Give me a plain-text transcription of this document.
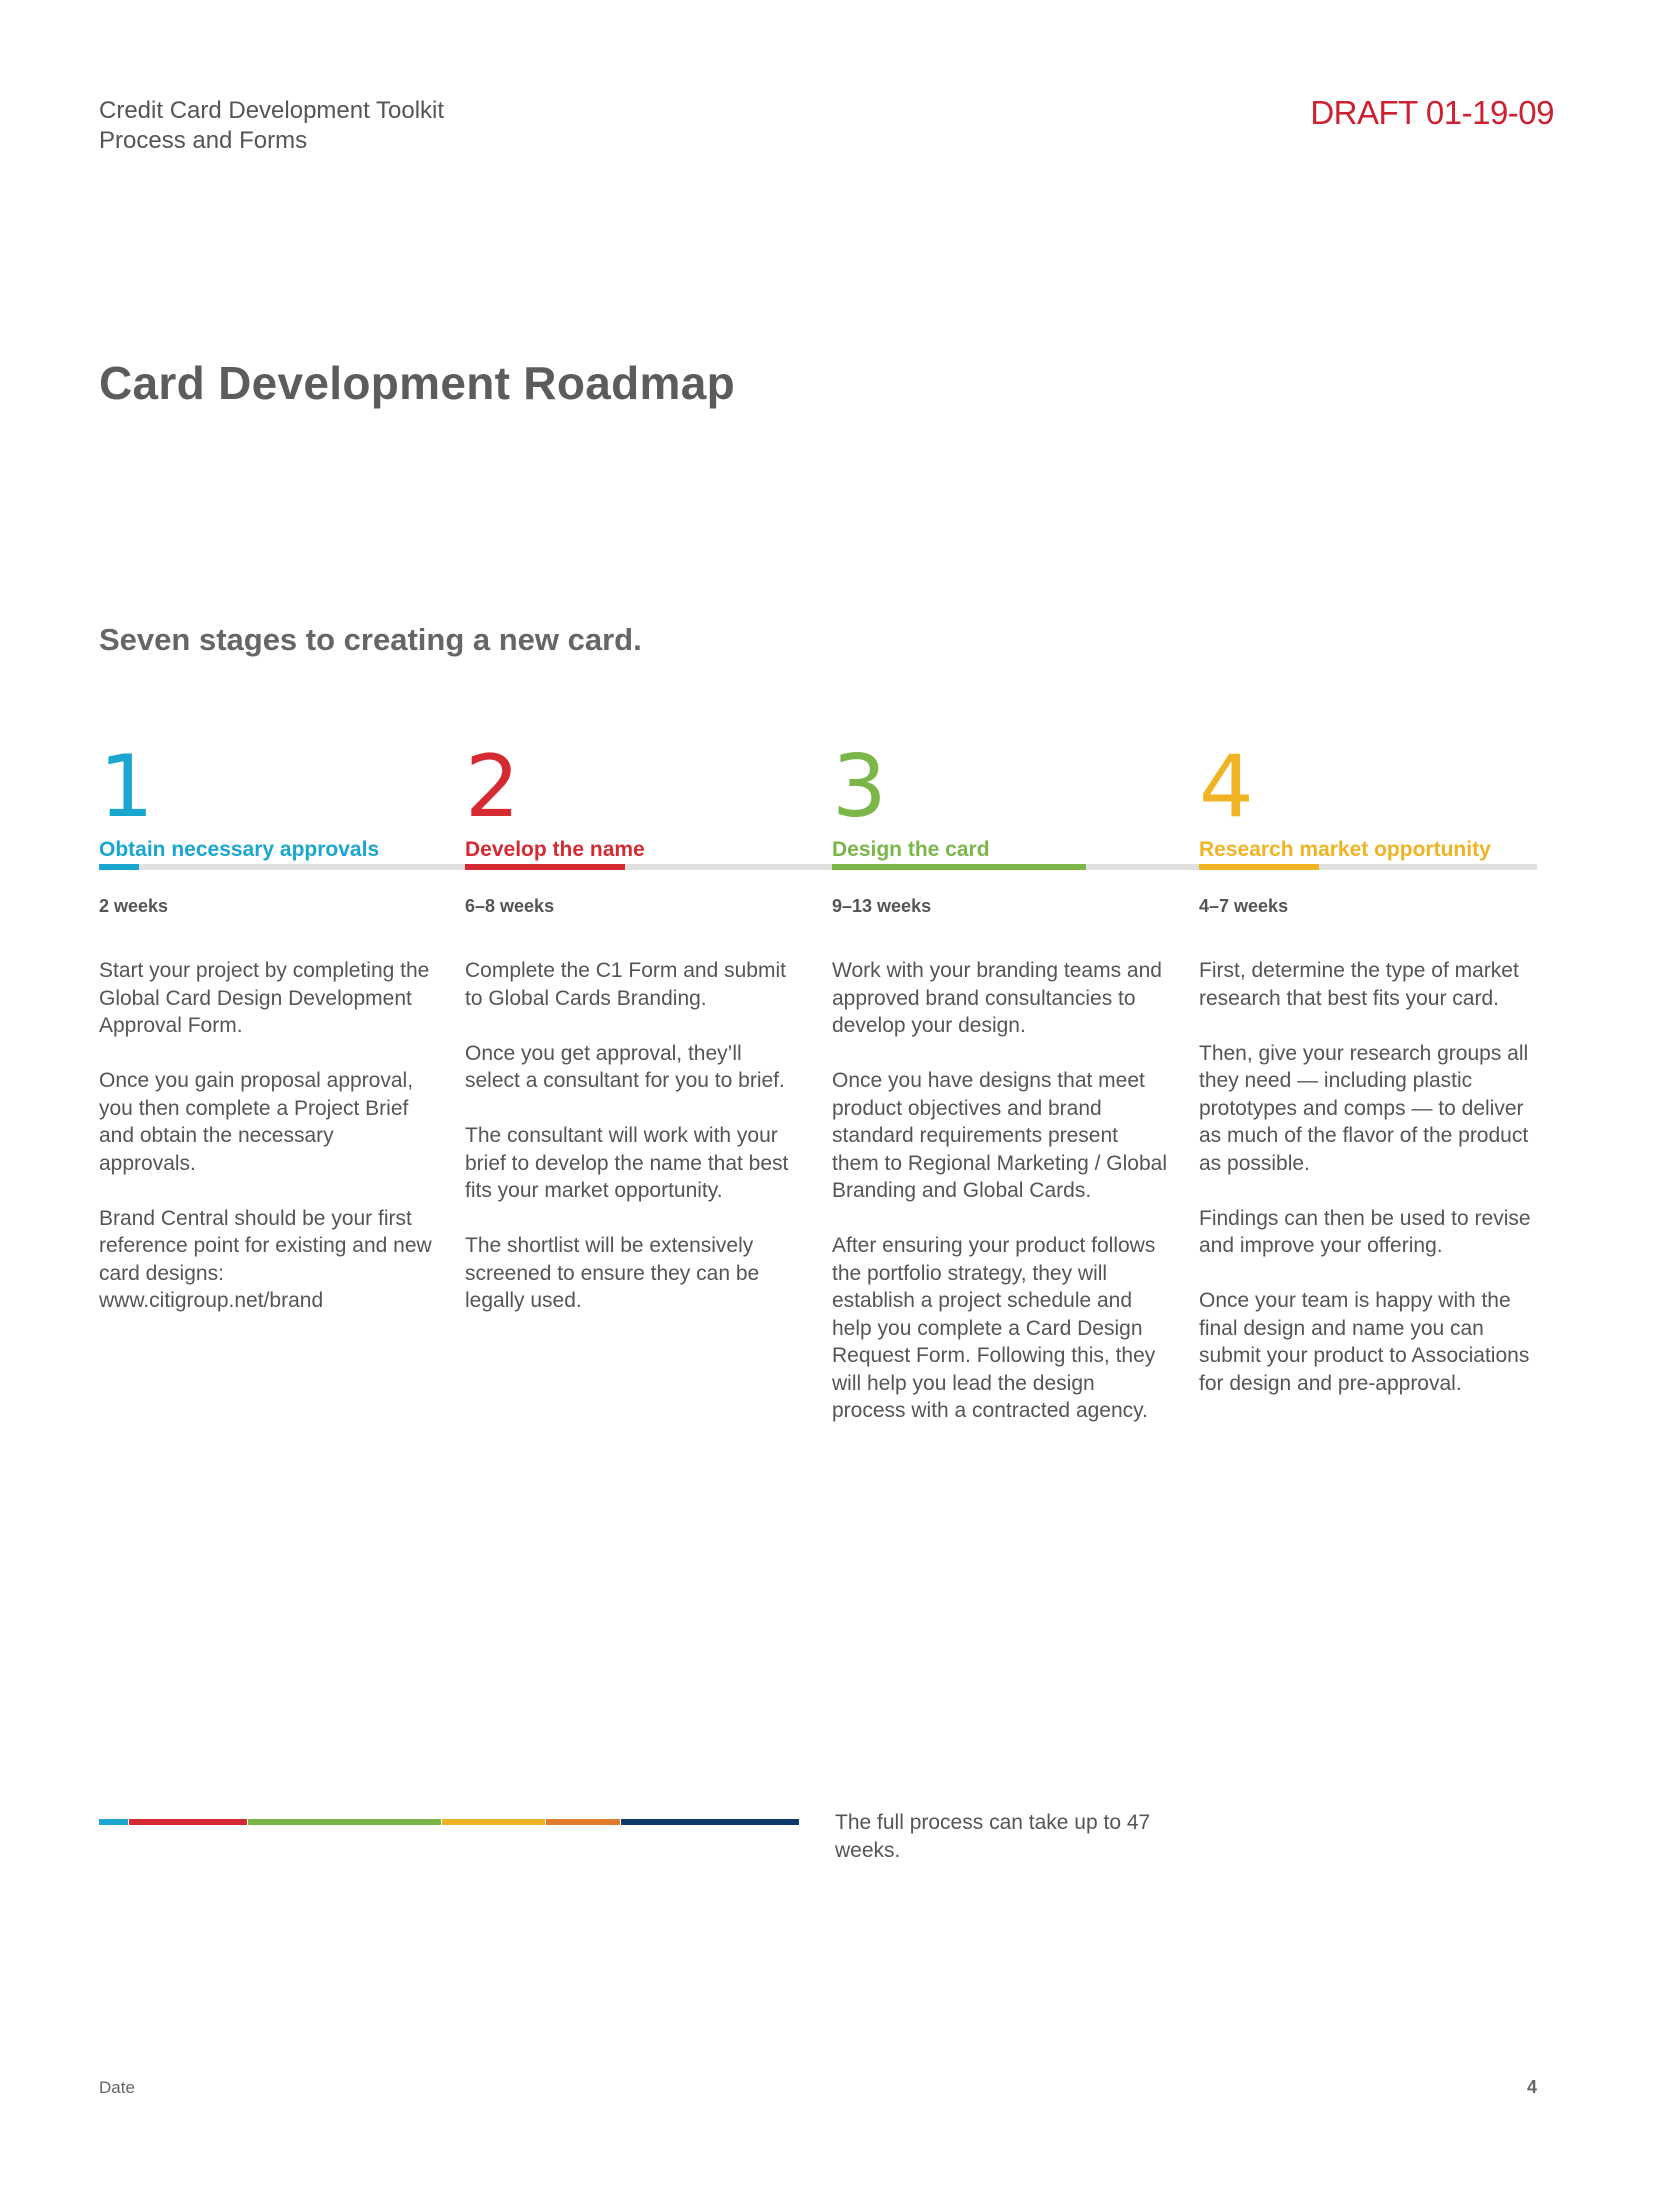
Credit Card Development Toolkit
Process and Forms
DRAFT 01-19-09
Card Development Roadmap
Seven stages to creating a new card.
1
Obtain necessary approvals
2 weeks

Start your project by completing the Global Card Design Development Approval Form.

Once you gain proposal approval, you then complete a Project Brief and obtain the necessary approvals.

Brand Central should be your first reference point for existing and new card designs: www.citigroup.net/brand

2
Develop the name
6–8 weeks

Complete the C1 Form and submit to Global Cards Branding.

Once you get approval, they’ll select a consultant for you to brief.

The consultant will work with your brief to develop the name that best fits your market opportunity.

The shortlist will be extensively screened to ensure they can be legally used.

3
Design the card
9–13 weeks

Work with your branding teams and approved brand consultancies to develop your design.

Once you have designs that meet product objectives and brand standard requirements present them to Regional Marketing / Global Branding and Global Cards.

After ensuring your product follows the portfolio strategy, they will establish a project schedule and help you complete a Card Design Request Form. Following this, they will help you lead the design process with a contracted agency.

4
Research market opportunity
4–7 weeks

First, determine the type of market research that best fits your card.

Then, give your research groups all they need — including plastic prototypes and comps — to deliver as much of the flavor of the product as possible.

Findings can then be used to revise and improve your offering.

Once your team is happy with the final design and name you can submit your product to Associations for design and pre-approval.

The full process can take up to 47 weeks.
Date	4
